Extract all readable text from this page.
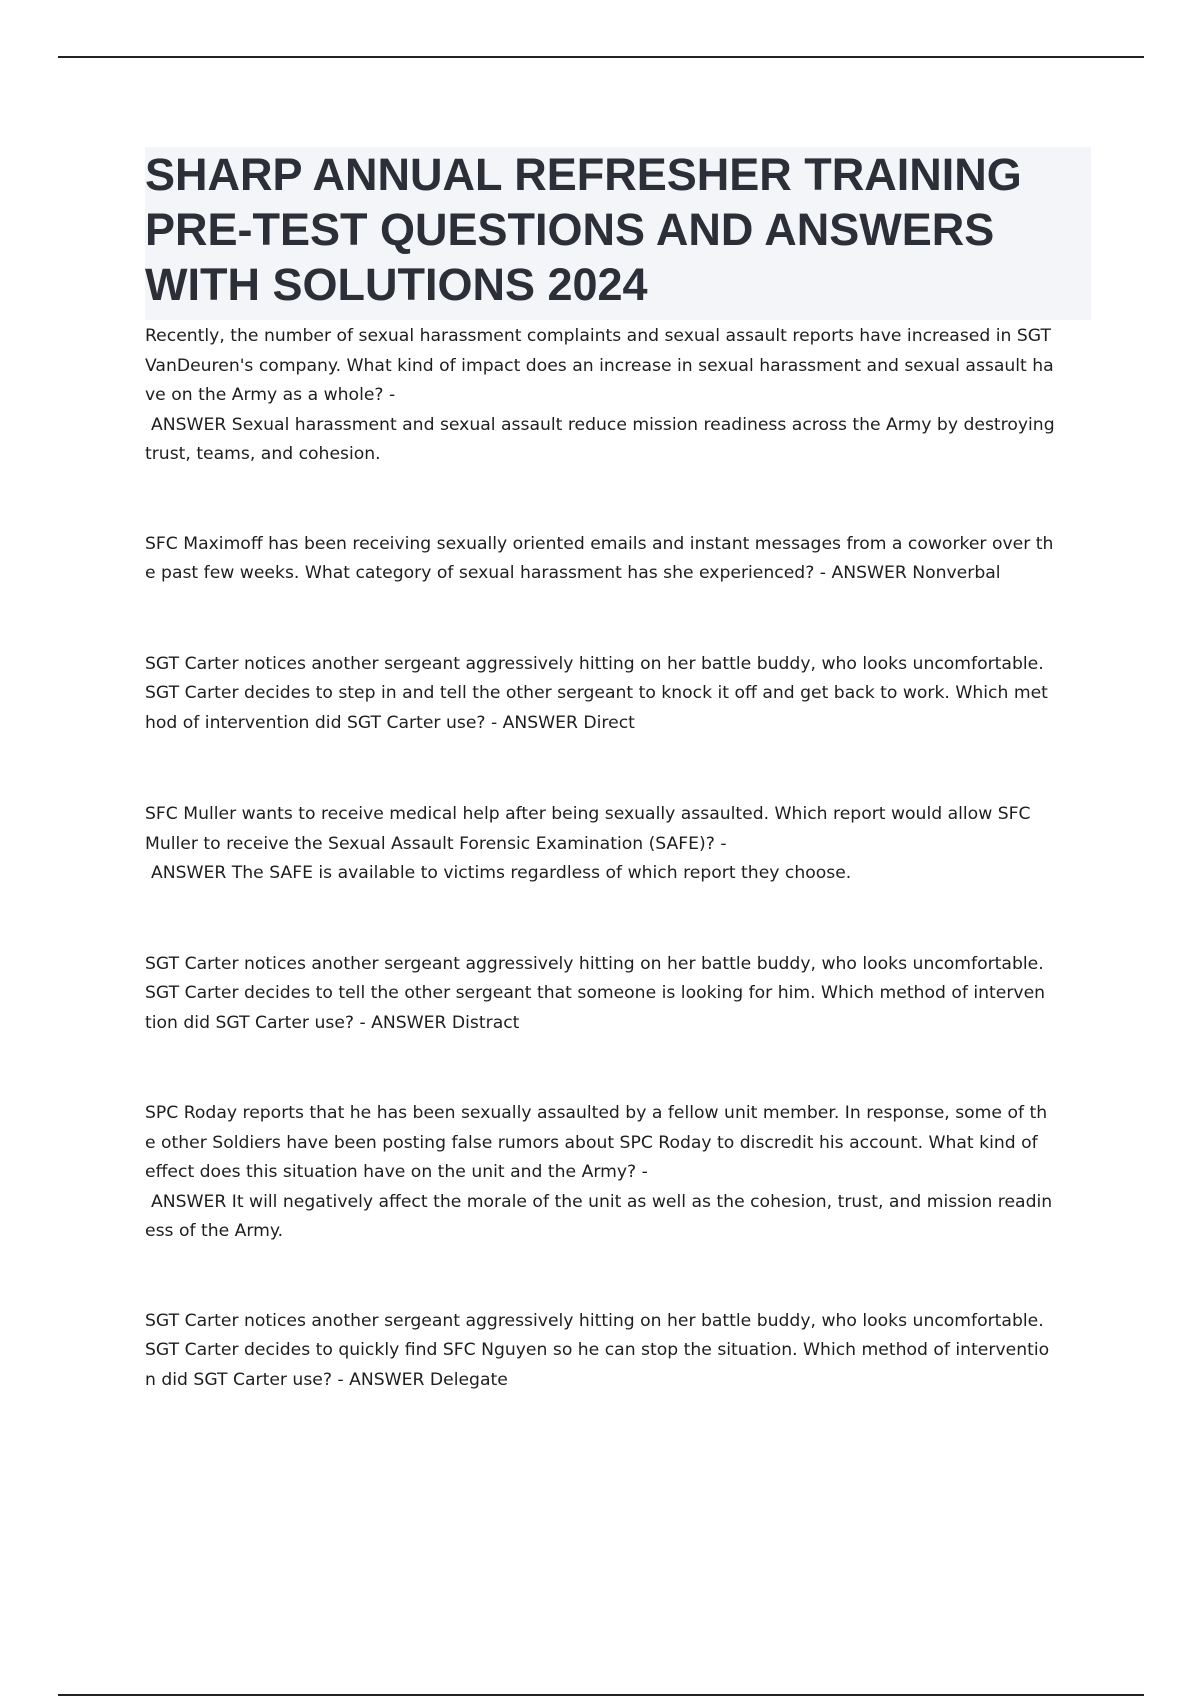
SHARP ANNUAL REFRESHER TRAINING
PRE-TEST QUESTIONS AND ANSWERS
WITH SOLUTIONS 2024
Recently, the number of sexual harassment complaints and sexual assault reports have increased in SGT
VanDeuren's company. What kind of impact does an increase in sexual harassment and sexual assault ha
ve on the Army as a whole? -
ANSWER Sexual harassment and sexual assault reduce mission readiness across the Army by destroying
trust, teams, and cohesion.
SFC Maximoff has been receiving sexually oriented emails and instant messages from a coworker over th
e past few weeks. What category of sexual harassment has she experienced? - ANSWER Nonverbal
SGT Carter notices another sergeant aggressively hitting on her battle buddy, who looks uncomfortable.
SGT Carter decides to step in and tell the other sergeant to knock it off and get back to work. Which met
hod of intervention did SGT Carter use? - ANSWER Direct
SFC Muller wants to receive medical help after being sexually assaulted. Which report would allow SFC
Muller to receive the Sexual Assault Forensic Examination (SAFE)? -
ANSWER The SAFE is available to victims regardless of which report they choose.
SGT Carter notices another sergeant aggressively hitting on her battle buddy, who looks uncomfortable.
SGT Carter decides to tell the other sergeant that someone is looking for him. Which method of interven
tion did SGT Carter use? - ANSWER Distract
SPC Roday reports that he has been sexually assaulted by a fellow unit member. In response, some of th
e other Soldiers have been posting false rumors about SPC Roday to discredit his account. What kind of
effect does this situation have on the unit and the Army? -
ANSWER It will negatively affect the morale of the unit as well as the cohesion, trust, and mission readin
ess of the Army.
SGT Carter notices another sergeant aggressively hitting on her battle buddy, who looks uncomfortable.
SGT Carter decides to quickly find SFC Nguyen so he can stop the situation. Which method of interventio
n did SGT Carter use? - ANSWER Delegate
